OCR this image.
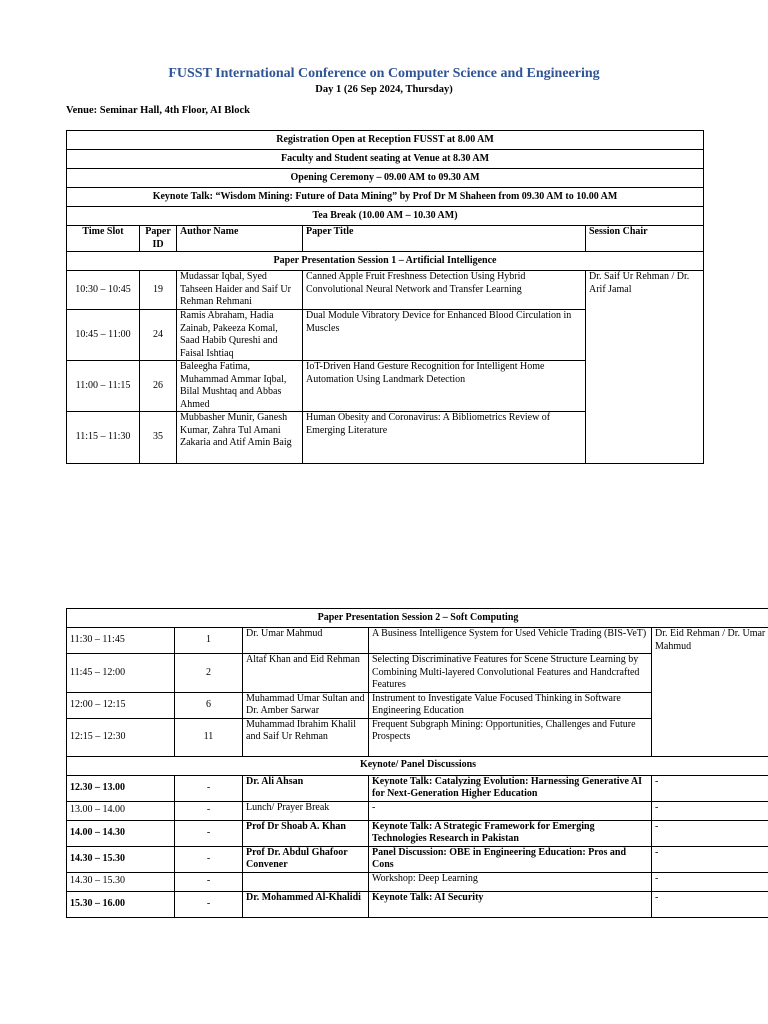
FUSST International Conference on Computer Science and Engineering
Day 1 (26 Sep 2024, Thursday)
Venue: Seminar Hall, 4th Floor, AI Block
Registration Open at Reception FUSST at 8.00 AM				
Faculty and Student seating at Venue at 8.30 AM				
Opening Ceremony – 09.00 AM to 09.30 AM				
Keynote Talk: “Wisdom Mining: Future of Data Mining” by Prof Dr M Shaheen from 09.30 AM to 10.00 AM				
Tea Break (10.00 AM – 10.30 AM)				
Time Slot	Paper ID	Author Name	Paper Title	Session Chair
Paper Presentation Session 1 – Artificial Intelligence				
10:30 – 10:45	19	Mudassar Iqbal, Syed Tahseen Haider and Saif Ur Rehman Rehmani	Canned Apple Fruit Freshness Detection Using Hybrid Convolutional Neural Network and Transfer Learning	Dr. Saif Ur Rehman / Dr. Arif Jamal
10:45 – 11:00	24	Ramis Abraham, Hadia Zainab, Pakeeza Komal, Saad Habib Qureshi and Faisal Ishtiaq	Dual Module Vibratory Device for Enhanced Blood Circulation in Muscles	
11:00 – 11:15	26	Baleegha Fatima, Muhammad Ammar Iqbal, Bilal Mushtaq and Abbas Ahmed	IoT-Driven Hand Gesture Recognition for Intelligent Home Automation Using Landmark Detection	
11:15 – 11:30	35	Mubbasher Munir, Ganesh Kumar, Zahra Tul Amani Zakaria and Atif Amin Baig	Human Obesity and Coronavirus: A Bibliometrics Review of Emerging Literature	
Paper Presentation Session 2 – Soft Computing				
11:30 – 11:45	1	Dr. Umar Mahmud	A Business Intelligence System for Used Vehicle Trading (BIS-VeT)	Dr. Eid Rehman / Dr. Umar Mahmud
11:45 – 12:00	2	Altaf Khan and Eid Rehman	Selecting Discriminative Features for Scene Structure Learning by Combining Multi-layered Convolutional Features and Handcrafted Features	
12:00 – 12:15	6	Muhammad Umar Sultan and Dr. Amber Sarwar	Instrument to Investigate Value Focused Thinking in Software Engineering Education	
12:15 – 12:30	11	Muhammad Ibrahim Khalil and Saif Ur Rehman	Frequent Subgraph Mining: Opportunities, Challenges and Future Prospects	
Keynote/ Panel Discussions				
12.30 – 13.00	-	Dr. Ali Ahsan	Keynote Talk: Catalyzing Evolution: Harnessing Generative AI for Next-Generation Higher Education	-
13.00 – 14.00	-	Lunch/ Prayer Break	-	-
14.00 – 14.30	-	Prof Dr Shoab A. Khan	Keynote Talk: A Strategic Framework for Emerging Technologies Research in Pakistan	-
14.30 – 15.30	-	Prof Dr. Abdul Ghafoor Convener	Panel Discussion: OBE in Engineering Education: Pros and Cons	-
14.30 – 15.30	-		Workshop: Deep Learning	-
15.30 – 16.00	-	Dr. Mohammed Al-Khalidi	Keynote Talk: AI Security	-
